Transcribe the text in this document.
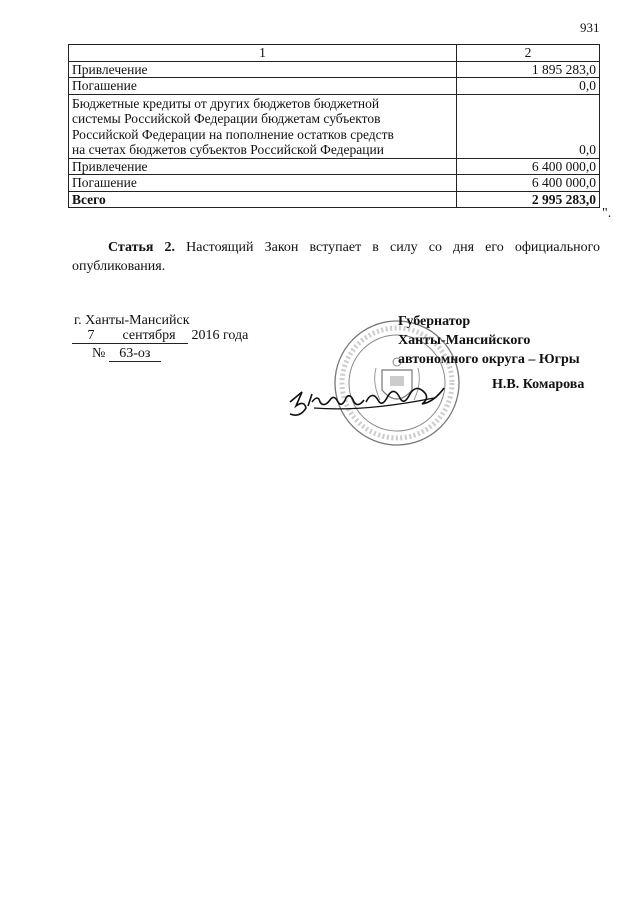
931
1	2
Привлечение	1 895 283,0
Погашение	0,0

Бюджетные кредиты от других бюджетов бюджетной
системы Российской Федерации бюджетам субъектов
Российской Федерации на пополнение остатков средств
на счетах бюджетов субъектов Российской Федерации	0,0
Привлечение	6 400 000,0
Погашение	6 400 000,0
Всего	2 995 283,0
".

Статья 2. Настоящий Закон вступает в силу со дня его официального опубликования.

г. Ханты-Мансийск
7 сентября 2016 года
№ 63-оз
Губернатор
Ханты-Мансийского
автономного округа – Югры
Н.В. Комарова
